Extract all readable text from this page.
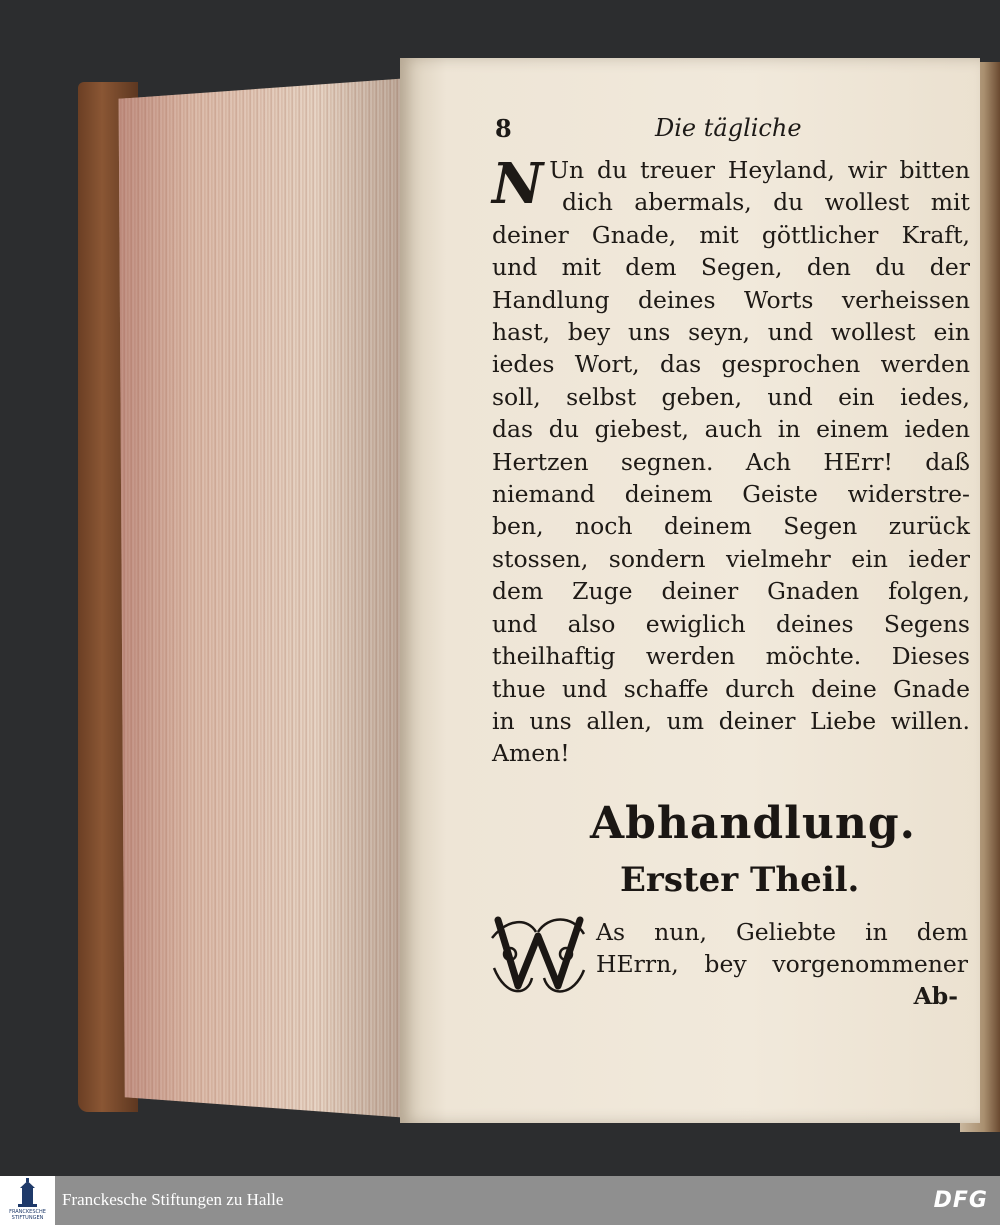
8	Die tägliche
N Un du treuer Heyland, wir bitten
dich abermals, du wollest mit
deiner Gnade, mit göttlicher Kraft,
und mit dem Segen, den du der
Handlung deines Worts verheissen
hast, bey uns seyn, und wollest ein
iedes Wort, das gesprochen werden
soll, selbst geben, und ein iedes,
das du giebest, auch in einem ieden
Hertzen segnen. Ach HErr! daß
niemand deinem Geiste widerstre-
ben, noch deinem Segen zurück
stossen, sondern vielmehr ein ieder
dem Zuge deiner Gnaden folgen,
und also ewiglich deines Segens
theilhaftig werden möchte. Dieses
thue und schaffe durch deine Gnade
in uns allen, um deiner Liebe willen.
Amen!
Abhandlung.
Erster Theil.
As nun, Geliebte in dem
HErrn, bey vorgenommener
Ab-
FRANCKESCHE STIFTUNGEN
Franckesche Stiftungen zu Halle	DFG
